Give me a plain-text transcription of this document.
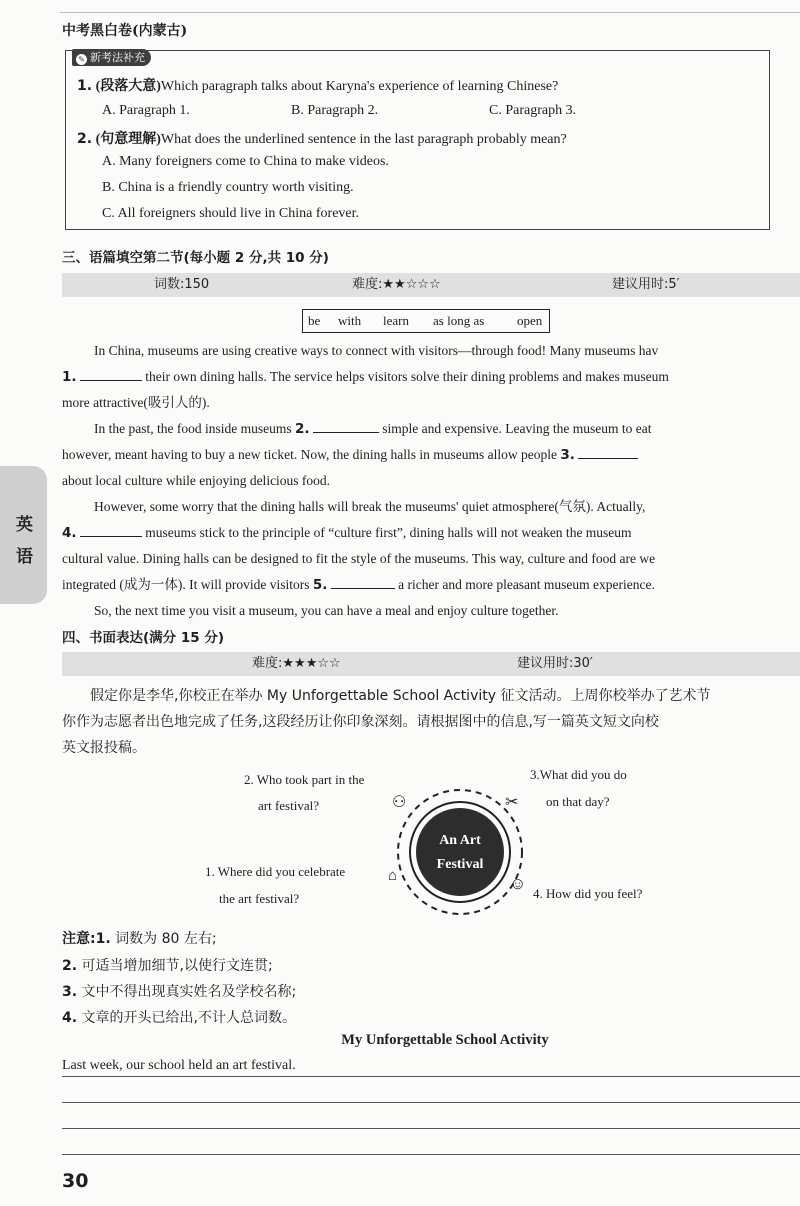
中考黑白卷(内蒙古)
✎ 新考法补充
1. (段落大意)Which paragraph talks about Karyna's experience of learning Chinese?
A. Paragraph 1.	B. Paragraph 2.	C. Paragraph 3.
2. (句意理解)What does the underlined sentence in the last paragraph probably mean?
A. Many foreigners come to China to make videos.
B. China is a friendly country worth visiting.
C. All foreigners should live in China forever.
三、语篇填空第二节(每小题 2 分,共 10 分)
词数:150	难度:★★☆☆☆	建议用时:5′
be with learn as long as	open
In China, museums are using creative ways to connect with visitors—through food! Many museums hav
1.	their own dining halls. The service helps visitors solve their dining problems and makes museum
more attractive(吸引人的).
In the past, the food inside museums 2.	simple and expensive. Leaving the museum to eat
however, meant having to buy a new ticket. Now, the dining halls in museums allow people 3.
about local culture while enjoying delicious food.
However, some worry that the dining halls will break the museums' quiet atmosphere(气氛). Actually,
4.	museums stick to the principle of “culture first”, dining halls will not weaken the museum
cultural value. Dining halls can be designed to fit the style of the museums. This way, culture and food are we
integrated (成为一体). It will provide visitors 5.	a richer and more pleasant museum experience.
So, the next time you visit a museum, you can have a meal and enjoy culture together.
英
语
四、书面表达(满分 15 分)
难度:★★★☆☆	建议用时:30′
假定你是李华,你校正在举办 My Unforgettable School Activity 征文活动。上周你校举办了艺术节
你作为志愿者出色地完成了任务,这段经历让你印象深刻。请根据图中的信息,写一篇英文短文向校
英文报投稿。
An Art
Festival
⚇	✂
⌂	☺
2. Who took part in the
art festival?
3.What did you do
on that day?
1. Where did you celebrate
the art festival?	4. How did you feel?
注意:1. 词数为 80 左右;
2. 可适当增加细节,以使行文连贯;
3. 文中不得出现真实姓名及学校名称;
4. 文章的开头已给出,不计人总词数。
My Unforgettable School Activity
Last week, our school held an art festival.
30
